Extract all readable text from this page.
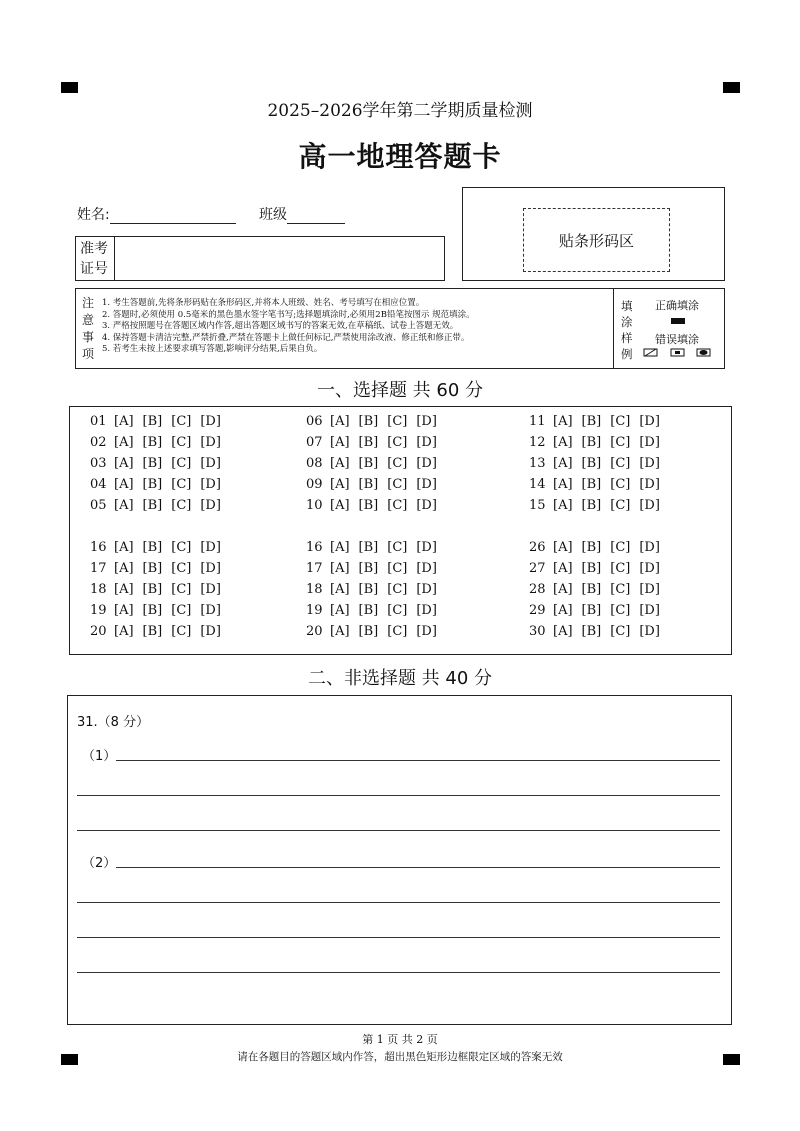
2025–2026学年第二学期质量检测
高一地理答题卡
姓名:	班级
准考
证号
贴条形码区
注
意
事
项
1. 考生答题前,先将条形码贴在条形码区,并将本人班级、姓名、考号填写在相应位置。
2. 答题时,必须使用 0.5毫米的黑色墨水签字笔书写;选择题填涂时,必须用2B铅笔按图示 规范填涂。
3. 严格按照题号在答题区域内作答,超出答题区域书写的答案无效,在草稿纸、试卷上答题无效。
4. 保持答题卡清洁完整,严禁折叠,严禁在答题卡上做任何标记,严禁使用涂改液、修正纸和修正带。
5. 若考生未按上述要求填写答题,影响评分结果,后果自负。
填
涂
样
例
正确填涂
错误填涂
一、选择题 共 60 分
01 [A] [B] [C] [D]
02 [A] [B] [C] [D]
03 [A] [B] [C] [D]
04 [A] [B] [C] [D]
05 [A] [B] [C] [D]
06 [A] [B] [C] [D]
07 [A] [B] [C] [D]
08 [A] [B] [C] [D]
09 [A] [B] [C] [D]
10 [A] [B] [C] [D]
11 [A] [B] [C] [D]
12 [A] [B] [C] [D]
13 [A] [B] [C] [D]
14 [A] [B] [C] [D]
15 [A] [B] [C] [D]
16 [A] [B] [C] [D]
17 [A] [B] [C] [D]
18 [A] [B] [C] [D]
19 [A] [B] [C] [D]
20 [A] [B] [C] [D]
16 [A] [B] [C] [D]
17 [A] [B] [C] [D]
18 [A] [B] [C] [D]
19 [A] [B] [C] [D]
20 [A] [B] [C] [D]
26 [A] [B] [C] [D]
27 [A] [B] [C] [D]
28 [A] [B] [C] [D]
29 [A] [B] [C] [D]
30 [A] [B] [C] [D]
二、非选择题 共 40 分
31.（8 分）
（1）
（2）
第 1 页 共 2 页
请在各题目的答题区域内作答，超出黑色矩形边框限定区域的答案无效
